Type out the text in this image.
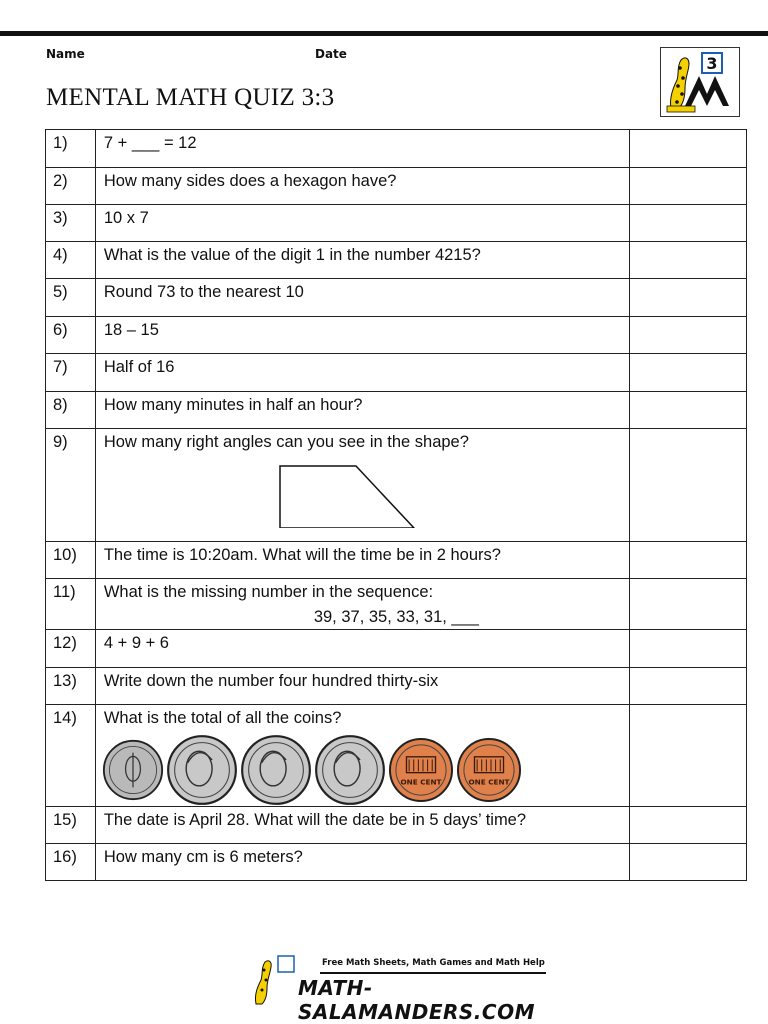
Name	Date
MENTAL MATH QUIZ 3:3
3
1)	7 + ___ = 12	
2)	How many sides does a hexagon have?	
3)	10 x 7	
4)	What is the value of the digit 1 in the number 4215?	
5)	Round 73 to the nearest 10	
6)	18 – 15	
7)	Half of 16	
8)	How many minutes in half an hour?	
9)	How many right angles can you see in the shape?	

10)	The time is 10:20am. What will the time be in 2 hours?	
11)	What is the missing number in the sequence:
39, 37, 35, 33, 31, ___	

12)	4 + 9 + 6	
13)	Write down the number four hundred thirty-six	
14)	What is the total of all the coins?
ONE CENT ONE CENT	

15)	The date is April 28. What will the date be in 5 days’ time?	
16)	How many cm is 6 meters?	
Free Math Sheets, Math Games and Math Help
MATH-SALAMANDERS.COM
